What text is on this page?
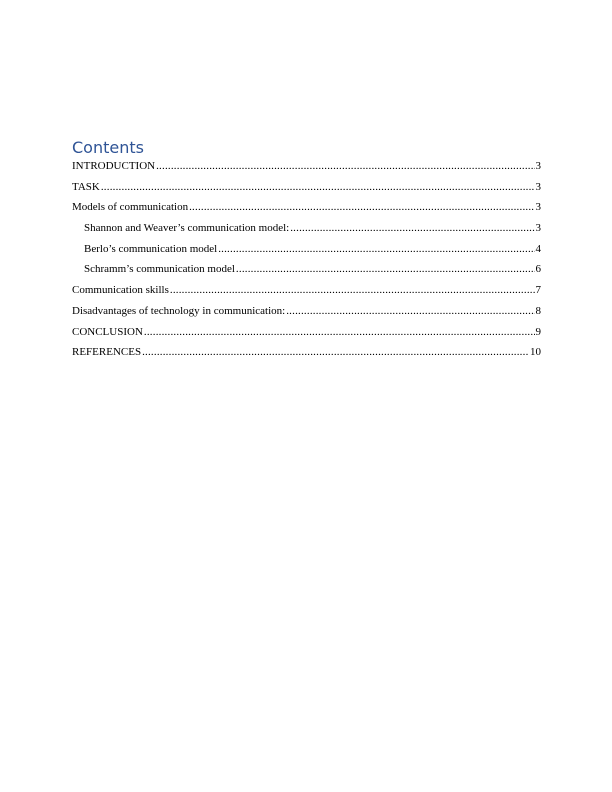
Contents
INTRODUCTION .....	3
TASK .....	3
Models of communication .....	3
Shannon and Weaver’s communication model: .....	3
Berlo’s communication model .....	4
Schramm’s communication model .....	6
Communication skills .....	7
Disadvantages of technology in communication: .....	8
CONCLUSION .....	9
REFERENCES .....	10
